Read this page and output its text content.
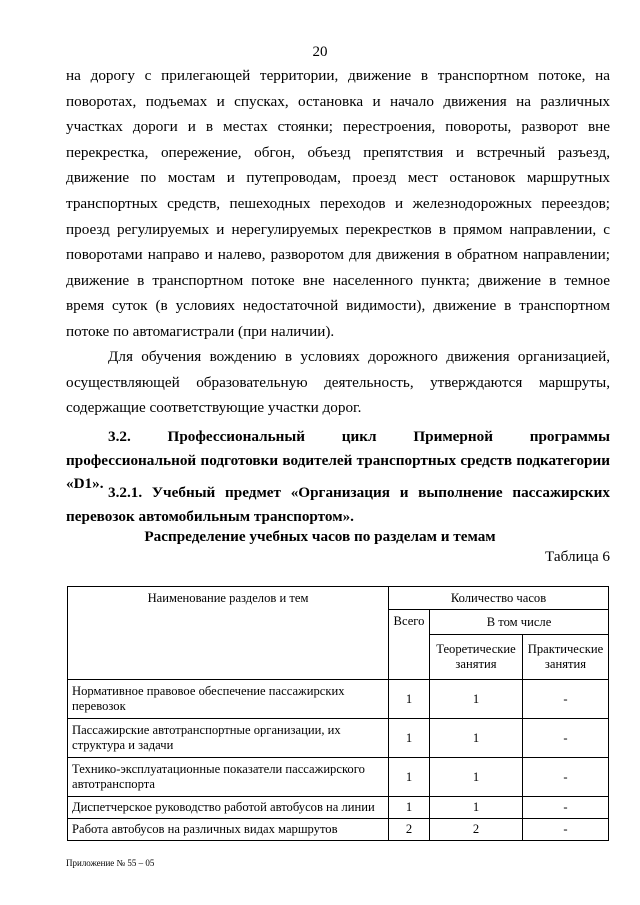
20
на дорогу с прилегающей территории, движение в транспортном потоке, на поворотах, подъемах и спусках, остановка и начало движения на различных участках дороги и в местах стоянки; перестроения, повороты, разворот вне перекрестка, опережение, обгон, объезд препятствия и встречный разъезд, движение по мостам и путепроводам, проезд мест остановок маршрутных транспортных средств, пешеходных переходов и железнодорожных переездов; проезд регулируемых и нерегулируемых перекрестков в прямом направлении, с поворотами направо и налево, разворотом для движения в обратном направлении; движение в транспортном потоке вне населенного пункта; движение в темное время суток (в условиях недостаточной видимости), движение в транспортном потоке по автомагистрали (при наличии).
Для обучения вождению в условиях дорожного движения организацией, осуществляющей образовательную деятельность, утверждаются маршруты, содержащие соответствующие участки дорог.
3.2. Профессиональный цикл Примерной программы профессиональной подготовки водителей транспортных средств подкатегории «D1».
3.2.1. Учебный предмет «Организация и выполнение пассажирских перевозок автомобильным транспортом».
Распределение учебных часов по разделам и темам
Таблица 6
Наименование разделов и тем	Количество часов		
	Всего	В том числе	
		Теоретические занятия	Практические занятия
Нормативное правовое обеспечение пассажирских перевозок	1	1	-
Пассажирские автотранспортные организации, их структура и задачи	1	1	-
Технико-эксплуатационные показатели пассажирского автотранспорта	1	1	-
Диспетчерское руководство работой автобусов на линии	1	1	-
Работа автобусов на различных видах маршрутов	2	2	-
Приложение № 55 – 05
